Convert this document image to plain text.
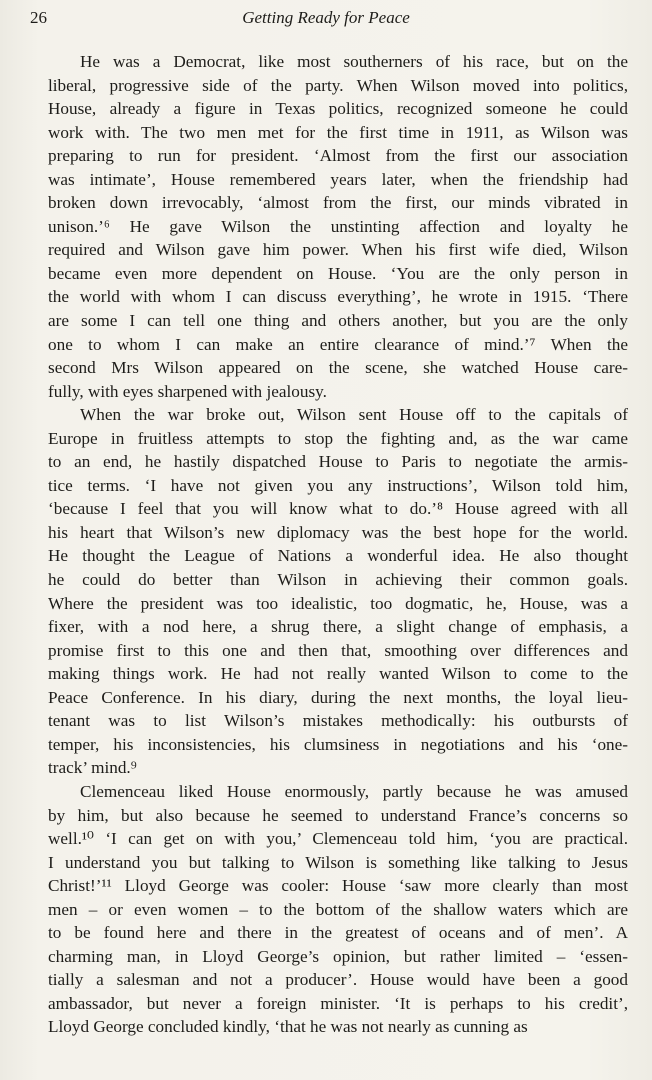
26	Getting Ready for Peace
He was a Democrat, like most southerners of his race, but on the
liberal, progressive side of the party. When Wilson moved into politics,
House, already a figure in Texas politics, recognized someone he could
work with. The two men met for the first time in 1911, as Wilson was
preparing to run for president. ‘Almost from the first our association
was intimate’, House remembered years later, when the friendship had
broken down irrevocably, ‘almost from the first, our minds vibrated in
unison.’⁶ He gave Wilson the unstinting affection and loyalty he
required and Wilson gave him power. When his first wife died, Wilson
became even more dependent on House. ‘You are the only person in
the world with whom I can discuss everything’, he wrote in 1915. ‘There
are some I can tell one thing and others another, but you are the only
one to whom I can make an entire clearance of mind.’⁷ When the
second Mrs Wilson appeared on the scene, she watched House care-
fully, with eyes sharpened with jealousy.
When the war broke out, Wilson sent House off to the capitals of
Europe in fruitless attempts to stop the fighting and, as the war came
to an end, he hastily dispatched House to Paris to negotiate the armis-
tice terms. ‘I have not given you any instructions’, Wilson told him,
‘because I feel that you will know what to do.’⁸ House agreed with all
his heart that Wilson’s new diplomacy was the best hope for the world.
He thought the League of Nations a wonderful idea. He also thought
he could do better than Wilson in achieving their common goals.
Where the president was too idealistic, too dogmatic, he, House, was a
fixer, with a nod here, a shrug there, a slight change of emphasis, a
promise first to this one and then that, smoothing over differences and
making things work. He had not really wanted Wilson to come to the
Peace Conference. In his diary, during the next months, the loyal lieu-
tenant was to list Wilson’s mistakes methodically: his outbursts of
temper, his inconsistencies, his clumsiness in negotiations and his ‘one-
track’ mind.⁹
Clemenceau liked House enormously, partly because he was amused
by him, but also because he seemed to understand France’s concerns so
well.¹⁰ ‘I can get on with you,’ Clemenceau told him, ‘you are practical.
I understand you but talking to Wilson is something like talking to Jesus
Christ!’¹¹ Lloyd George was cooler: House ‘saw more clearly than most
men – or even women – to the bottom of the shallow waters which are
to be found here and there in the greatest of oceans and of men’. A
charming man, in Lloyd George’s opinion, but rather limited – ‘essen-
tially a salesman and not a producer’. House would have been a good
ambassador, but never a foreign minister. ‘It is perhaps to his credit’,
Lloyd George concluded kindly, ‘that he was not nearly as cunning as
